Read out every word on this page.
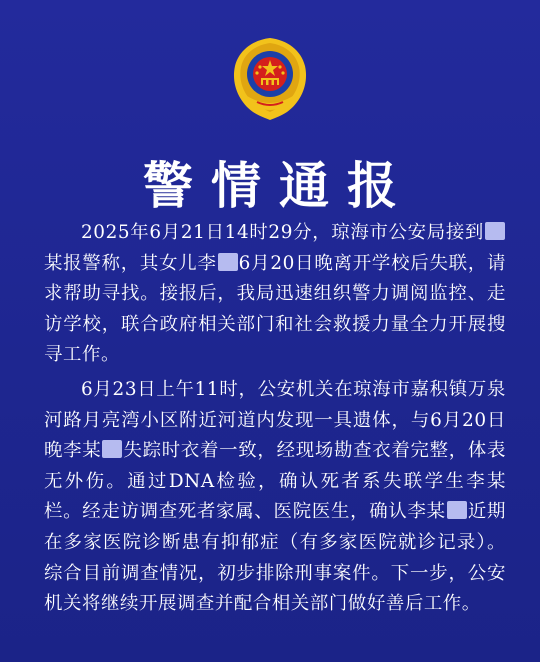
警情通报

2025年6月21日14时29分，琼海市公安局接到某报警称，其女儿李 6月20日晚离开学校后失联，请求帮助寻找。接报后，我局迅速组织警力调阅监控、走访学校，联合政府相关部门和社会救援力量全力开展搜寻工作。

6月23日上午11时，公安机关在琼海市嘉积镇万泉河路月亮湾小区附近河道内发现一具遗体，与6月20日晚李某 失踪时衣着一致，经现场勘查衣着完整，体表无外伤。通过DNA检验，确认死者系失联学生李某栏。经走访调查死者家属、医院医生，确认李某 近期在多家医院诊断患有抑郁症（有多家医院就诊记录）。综合目前调查情况，初步排除刑事案件。下一步，公安机关将继续开展调查并配合相关部门做好善后工作。
